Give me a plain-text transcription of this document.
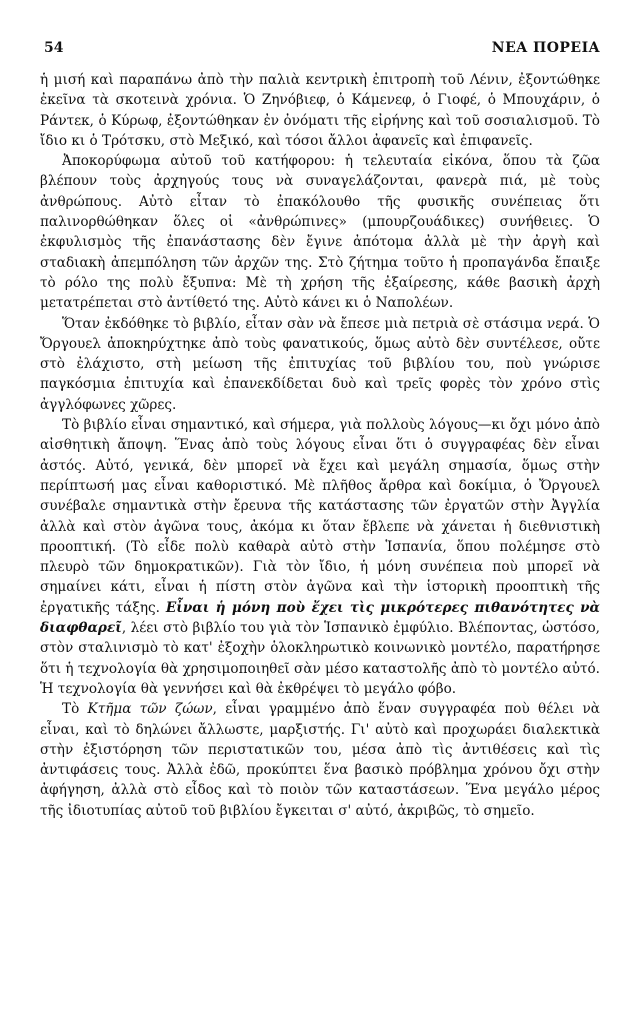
54	ΝΕΑ ΠΟΡΕΙΑ

ἡ μισή καὶ παραπάνω ἀπὸ τὴν παλιὰ κεντρικὴ ἐπιτροπὴ τοῦ Λένιν, ἐξοντώθηκε ἐκεῖνα τὰ σκοτεινὰ χρόνια. Ὁ Ζηνόβιεφ, ὁ Κάμενεφ, ὁ Γιοφέ, ὁ Μπουχάριν, ὁ Ράντεκ, ὁ Κύρωφ, ἐξοντώθηκαν ἐν ὀνόματι τῆς εἰρήνης καὶ τοῦ σοσιαλισμοῦ. Τὸ ἴδιο κι ὁ Τρότσκυ, στὸ Μεξικό, καὶ τόσοι ἄλλοι ἀφανεῖς καὶ ἐπιφανεῖς.

Ἀποκορύφωμα αὐτοῦ τοῦ κατήφορου: ἡ τελευταία εἰκόνα, ὅπου τὰ ζῶα βλέπουν τοὺς ἀρχηγούς τους νὰ συναγελάζονται, φανερὰ πιά, μὲ τοὺς ἀνθρώπους. Αὐτὸ εἶταν τὸ ἐπακόλουθο τῆς φυσικῆς συνέπειας ὅτι παλινορθώθηκαν ὅλες οἱ «ἀνθρώπινες» (μπουρζουάδικες) συνήθειες. Ὁ ἐκφυλισμὸς τῆς ἐπανάστασης δὲν ἔγινε ἀπότομα ἀλλὰ μὲ τὴν ἀργὴ καὶ σταδιακὴ ἀπεμπόληση τῶν ἀρχῶν της. Στὸ ζήτημα τοῦτο ἡ προπαγάνδα ἔπαιξε τὸ ρόλο της πολὺ ἔξυπνα: Μὲ τὴ χρήση τῆς ἐξαίρεσης, κάθε βασικὴ ἀρχὴ μετατρέπεται στὸ ἀντίθετό της. Αὐτὸ κάνει κι ὁ Ναπολέων.

Ὅταν ἐκδόθηκε τὸ βιβλίο, εἶταν σὰν νὰ ἔπεσε μιὰ πετριὰ σὲ στάσιμα νερά. Ὁ Ὄργουελ ἀποκηρύχτηκε ἀπὸ τοὺς φανατικούς, ὅμως αὐτὸ δὲν συντέλεσε, οὔτε στὸ ἐλάχιστο, στὴ μείωση τῆς ἐπιτυχίας τοῦ βιβλίου του, ποὺ γνώρισε παγκόσμια ἐπιτυχία καὶ ἐπανεκδίδεται δυὸ καὶ τρεῖς φορὲς τὸν χρόνο στὶς ἀγγλόφωνες χῶρες.

Τὸ βιβλίο εἶναι σημαντικό, καὶ σήμερα, γιὰ πολλοὺς λόγους—κι ὄχι μόνο ἀπὸ αἰσθητικὴ ἄποψη. Ἕνας ἀπὸ τοὺς λόγους εἶναι ὅτι ὁ συγγραφέας δὲν εἶναι ἀστός. Αὐτό, γενικά, δὲν μπορεῖ νὰ ἔχει καὶ μεγάλη σημασία, ὅμως στὴν περίπτωσή μας εἶναι καθοριστικό. Μὲ πλῆθος ἄρθρα καὶ δοκίμια, ὁ Ὄργουελ συνέβαλε σημαντικὰ στὴν ἔρευνα τῆς κατάστασης τῶν ἐργατῶν στὴν Ἀγγλία ἀλλὰ καὶ στὸν ἀγῶνα τους, ἀκόμα κι ὅταν ἔβλεπε νὰ χάνεται ἡ διεθνιστικὴ προοπτική. (Τὸ εἶδε πολὺ καθαρὰ αὐτὸ στὴν Ἱσπανία, ὅπου πολέμησε στὸ πλευρὸ τῶν δημοκρατικῶν). Γιὰ τὸν ἴδιο, ἡ μόνη συνέπεια ποὺ μπορεῖ νὰ σημαίνει κάτι, εἶναι ἡ πίστη στὸν ἀγῶνα καὶ τὴν ἱστορικὴ προοπτικὴ τῆς ἐργατικῆς τάξης. Εἶναι ἡ μόνη ποὺ ἔχει τὶς μικρότερες πιθανότητες νὰ διαφθαρεῖ, λέει στὸ βιβλίο του γιὰ τὸν Ἱσπανικὸ ἐμφύλιο. Βλέποντας, ὡστόσο, στὸν σταλινισμὸ τὸ κατ' ἐξοχὴν ὁλοκληρωτικὸ κοινωνικὸ μοντέλο, παρατήρησε ὅτι ἡ τεχνολογία θὰ χρησιμοποιηθεῖ σὰν μέσο καταστολῆς ἀπὸ τὸ μοντέλο αὐτό. Ἡ τεχνολογία θὰ γεννήσει καὶ θὰ ἐκθρέψει τὸ μεγάλο φόβο.

Τὸ Κτῆμα τῶν ζώων, εἶναι γραμμένο ἀπὸ ἕναν συγγραφέα ποὺ θέλει νὰ εἶναι, καὶ τὸ δηλώνει ἄλλωστε, μαρξιστής. Γι' αὐτὸ καὶ προχωράει διαλεκτικὰ στὴν ἐξιστόρηση τῶν περιστατικῶν του, μέσα ἀπὸ τὶς ἀντιθέσεις καὶ τὶς ἀντιφάσεις τους. Ἀλλὰ ἐδῶ, προκύπτει ἕνα βασικὸ πρόβλημα χρόνου ὄχι στὴν ἀφήγηση, ἀλλὰ στὸ εἶδος καὶ τὸ ποιὸν τῶν καταστάσεων. Ἕνα μεγάλο μέρος τῆς ἰδιοτυπίας αὐτοῦ τοῦ βιβλίου ἔγκειται σ' αὐτό, ἀκριβῶς, τὸ σημεῖο.
